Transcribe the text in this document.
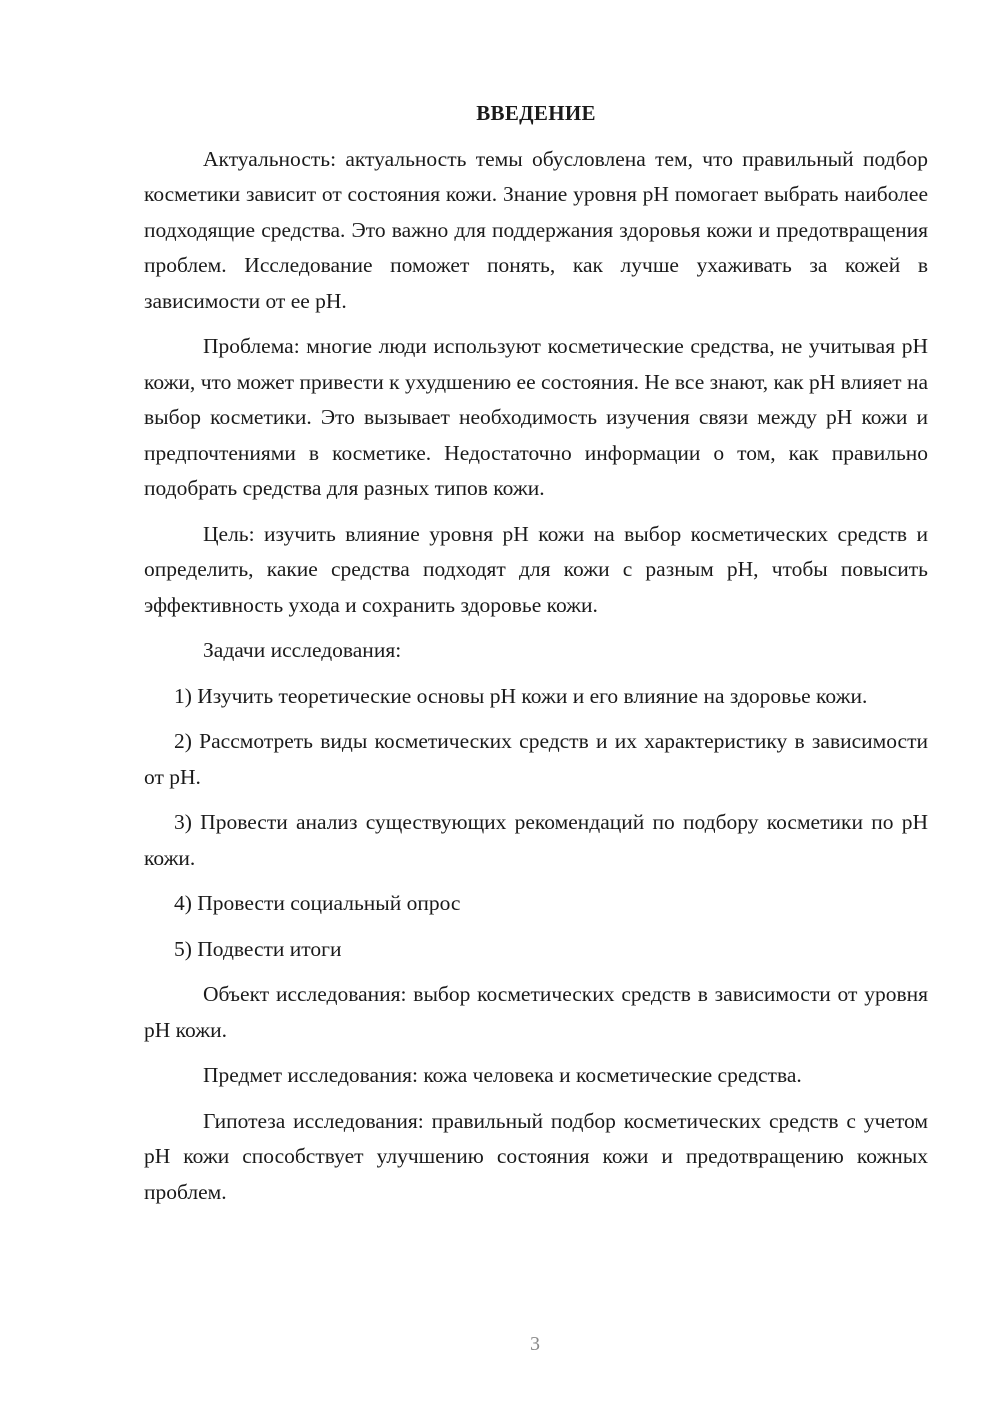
ВВЕДЕНИЕ

Актуальность: актуальность темы обусловлена тем, что правильный подбор косметики зависит от состояния кожи. Знание уровня pH помогает выбрать наиболее подходящие средства. Это важно для поддержания здоровья кожи и предотвращения проблем. Исследование поможет понять, как лучше ухаживать за кожей в зависимости от ее pH.

Проблема: многие люди используют косметические средства, не учитывая pH кожи, что может привести к ухудшению ее состояния. Не все знают, как pH влияет на выбор косметики. Это вызывает необходимость изучения связи между pH кожи и предпочтениями в косметике. Недостаточно информации о том, как правильно подобрать средства для разных типов кожи.

Цель: изучить влияние уровня pH кожи на выбор косметических средств и определить, какие средства подходят для кожи с разным pH, чтобы повысить эффективность ухода и сохранить здоровье кожи.

Задачи исследования:

1) Изучить теоретические основы pH кожи и его влияние на здоровье кожи.

2) Рассмотреть виды косметических средств и их характеристику в зависимости от pH.

3) Провести анализ существующих рекомендаций по подбору косметики по pH кожи.

4) Провести социальный опрос

5) Подвести итоги

Объект исследования: выбор косметических средств в зависимости от уровня pH кожи.

Предмет исследования: кожа человека и косметические средства.

Гипотеза исследования: правильный подбор косметических средств с учетом pH кожи способствует улучшению состояния кожи и предотвращению кожных проблем.

3
